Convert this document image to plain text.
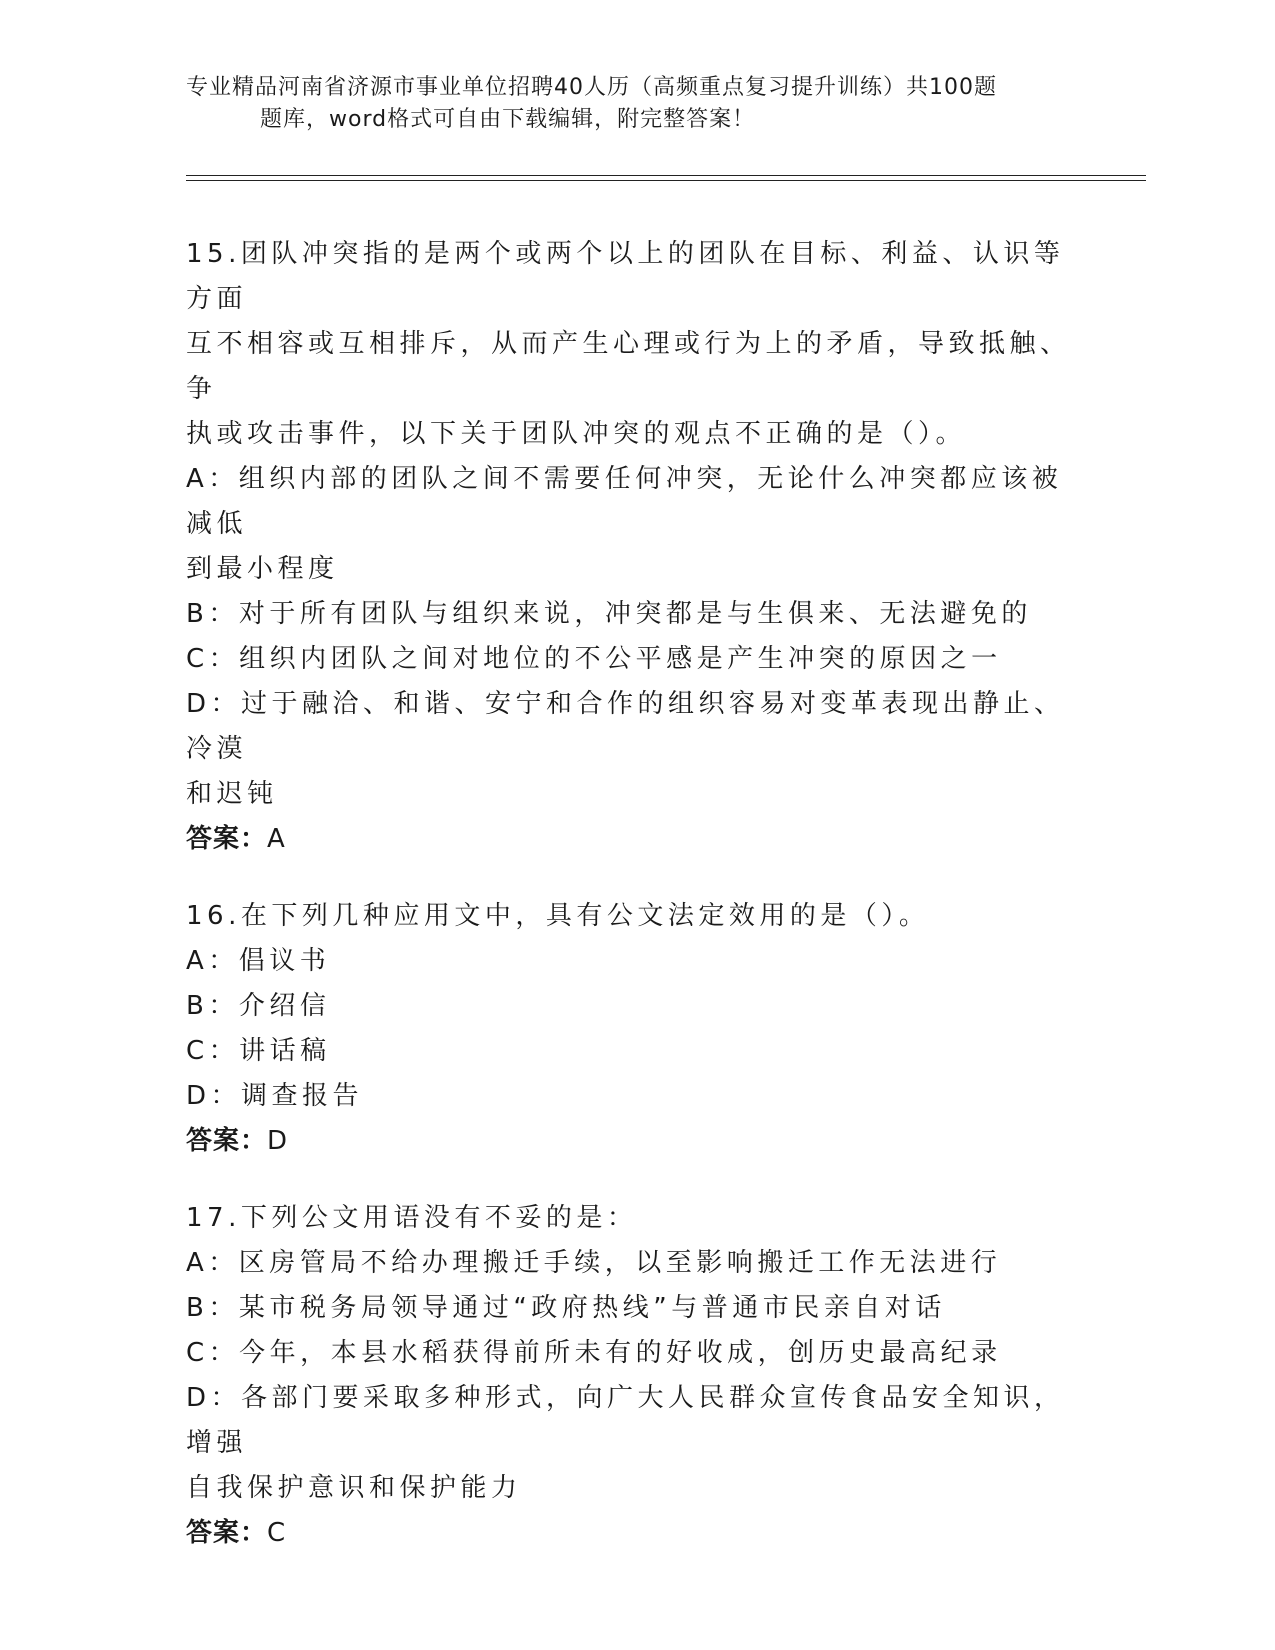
专业精品河南省济源市事业单位招聘40人历（高频重点复习提升训练）共100题
题库，word格式可自由下载编辑，附完整答案！

15.团队冲突指的是两个或两个以上的团队在目标、利益、认识等方面

互不相容或互相排斥，从而产生心理或行为上的矛盾，导致抵触、争

执或攻击事件，以下关于团队冲突的观点不正确的是（）。

A：组织内部的团队之间不需要任何冲突，无论什么冲突都应该被减低

到最小程度

B：对于所有团队与组织来说，冲突都是与生俱来、无法避免的

C：组织内团队之间对地位的不公平感是产生冲突的原因之一

D：过于融洽、和谐、安宁和合作的组织容易对变革表现出静止、冷漠

和迟钝

答案：A

16.在下列几种应用文中，具有公文法定效用的是（）。

A：倡议书

B：介绍信

C：讲话稿

D：调查报告

答案：D

17.下列公文用语没有不妥的是：

A：区房管局不给办理搬迁手续，以至影响搬迁工作无法进行

B：某市税务局领导通过“政府热线”与普通市民亲自对话

C：今年，本县水稻获得前所未有的好收成，创历史最高纪录

D：各部门要采取多种形式，向广大人民群众宣传食品安全知识，增强

自我保护意识和保护能力

答案：C
